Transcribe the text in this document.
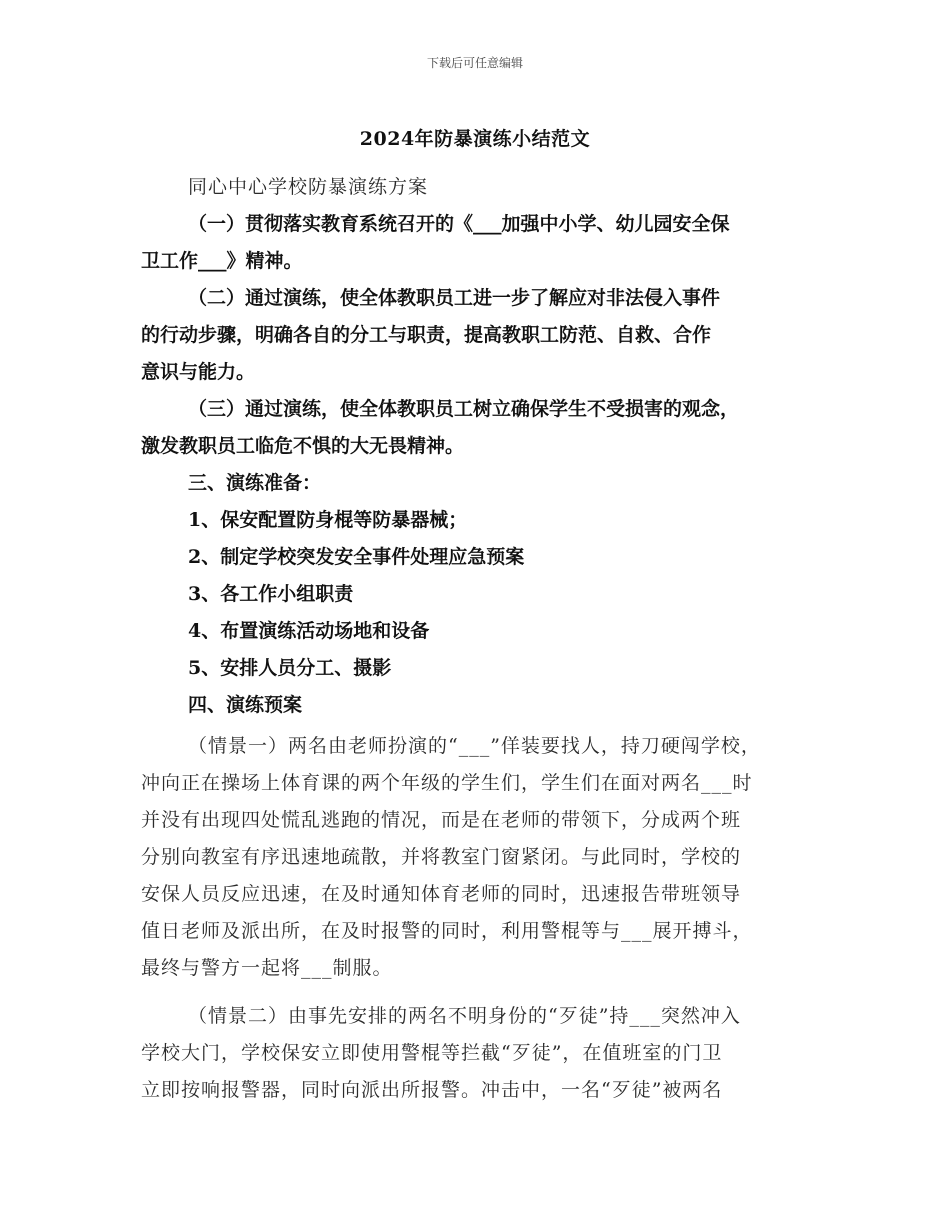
下载后可任意编辑
2024年防暴演练小结范文
同心中心学校防暴演练方案
（一）贯彻落实教育系统召开的《___加强中小学、幼儿园安全保
卫工作___》精神。
（二）通过演练，使全体教职员工进一步了解应对非法侵入事件
的行动步骤，明确各自的分工与职责，提高教职工防范、自救、合作
意识与能力。
（三）通过演练，使全体教职员工树立确保学生不受损害的观念，
激发教职员工临危不惧的大无畏精神。
三、演练准备：
1、保安配置防身棍等防暴器械；
2、制定学校突发安全事件处理应急预案
3、各工作小组职责
4、布置演练活动场地和设备
5、安排人员分工、摄影
四、演练预案
（情景一）两名由老师扮演的“___”佯装要找人，持刀硬闯学校，
冲向正在操场上体育课的两个年级的学生们，学生们在面对两名___时
并没有出现四处慌乱逃跑的情况，而是在老师的带领下，分成两个班
分别向教室有序迅速地疏散，并将教室门窗紧闭。与此同时，学校的
安保人员反应迅速，在及时通知体育老师的同时，迅速报告带班领导
值日老师及派出所，在及时报警的同时，利用警棍等与___展开搏斗，
最终与警方一起将___制服。
（情景二）由事先安排的两名不明身份的“歹徒”持___突然冲入
学校大门，学校保安立即使用警棍等拦截“歹徒”，在值班室的门卫
立即按响报警器，同时向派出所报警。冲击中，一名“歹徒”被两名
